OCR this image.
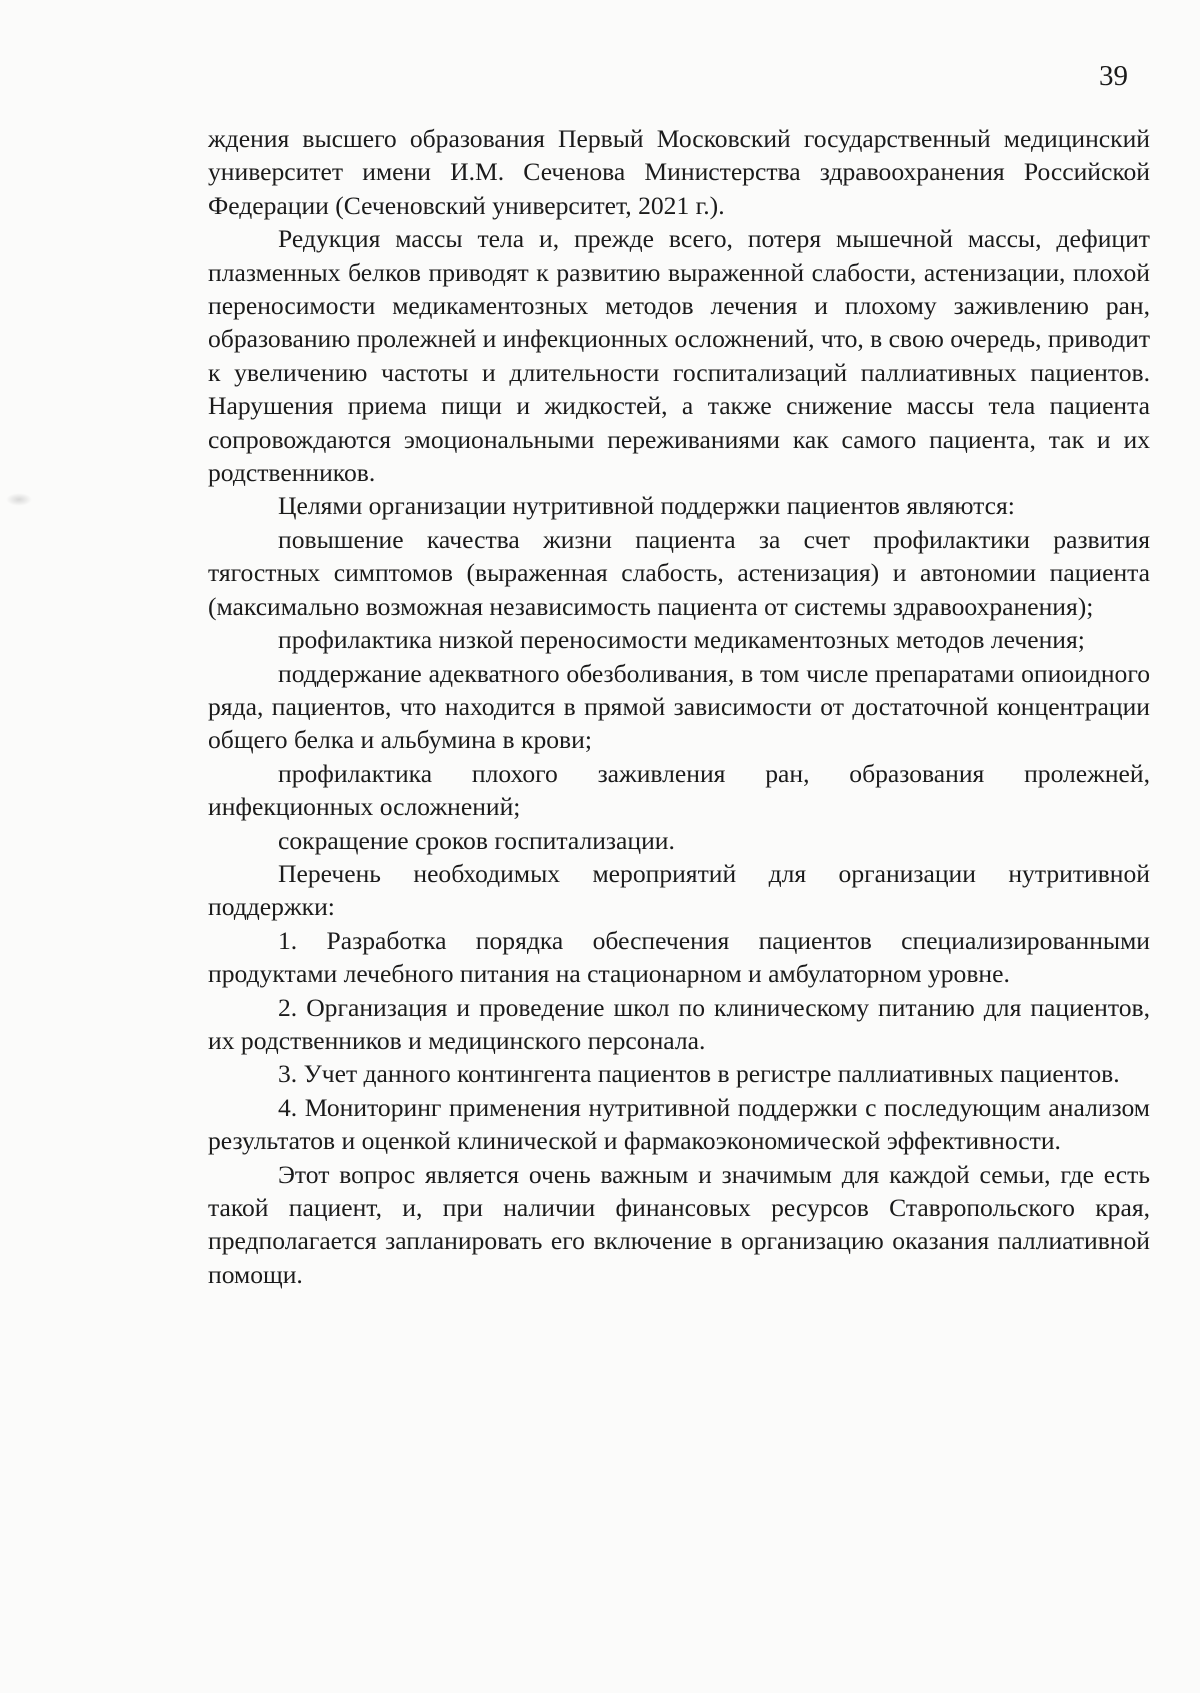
39

ждения высшего образования Первый Московский государственный медицинский университет имени И.М. Сеченова Министерства здравоохранения Российской Федерации (Сеченовский университет, 2021 г.).

Редукция массы тела и, прежде всего, потеря мышечной массы, дефицит плазменных белков приводят к развитию выраженной слабости, астенизации, плохой переносимости медикаментозных методов лечения и плохому заживлению ран, образованию пролежней и инфекционных осложнений, что, в свою очередь, приводит к увеличению частоты и длительности госпитализаций паллиативных пациентов. Нарушения приема пищи и жидкостей, а также снижение массы тела пациента сопровождаются эмоциональными переживаниями как самого пациента, так и их родственников.

Целями организации нутритивной поддержки пациентов являются:

повышение качества жизни пациента за счет профилактики развития тягостных симптомов (выраженная слабость, астенизация) и автономии пациента (максимально возможная независимость пациента от системы здравоохранения);

профилактика низкой переносимости медикаментозных методов лечения;

поддержание адекватного обезболивания, в том числе препаратами опиоидного ряда, пациентов, что находится в прямой зависимости от достаточной концентрации общего белка и альбумина в крови;

профилактика плохого заживления ран, образования пролежней, инфекционных осложнений;

сокращение сроков госпитализации.

Перечень необходимых мероприятий для организации нутритивной поддержки:

1. Разработка порядка обеспечения пациентов специализированными продуктами лечебного питания на стационарном и амбулаторном уровне.

2. Организация и проведение школ по клиническому питанию для пациентов, их родственников и медицинского персонала.

3. Учет данного контингента пациентов в регистре паллиативных пациентов.

4. Мониторинг применения нутритивной поддержки с последующим анализом результатов и оценкой клинической и фармакоэкономической эффективности.

Этот вопрос является очень важным и значимым для каждой семьи, где есть такой пациент, и, при наличии финансовых ресурсов Ставропольского края, предполагается запланировать его включение в организацию оказания паллиативной помощи.
